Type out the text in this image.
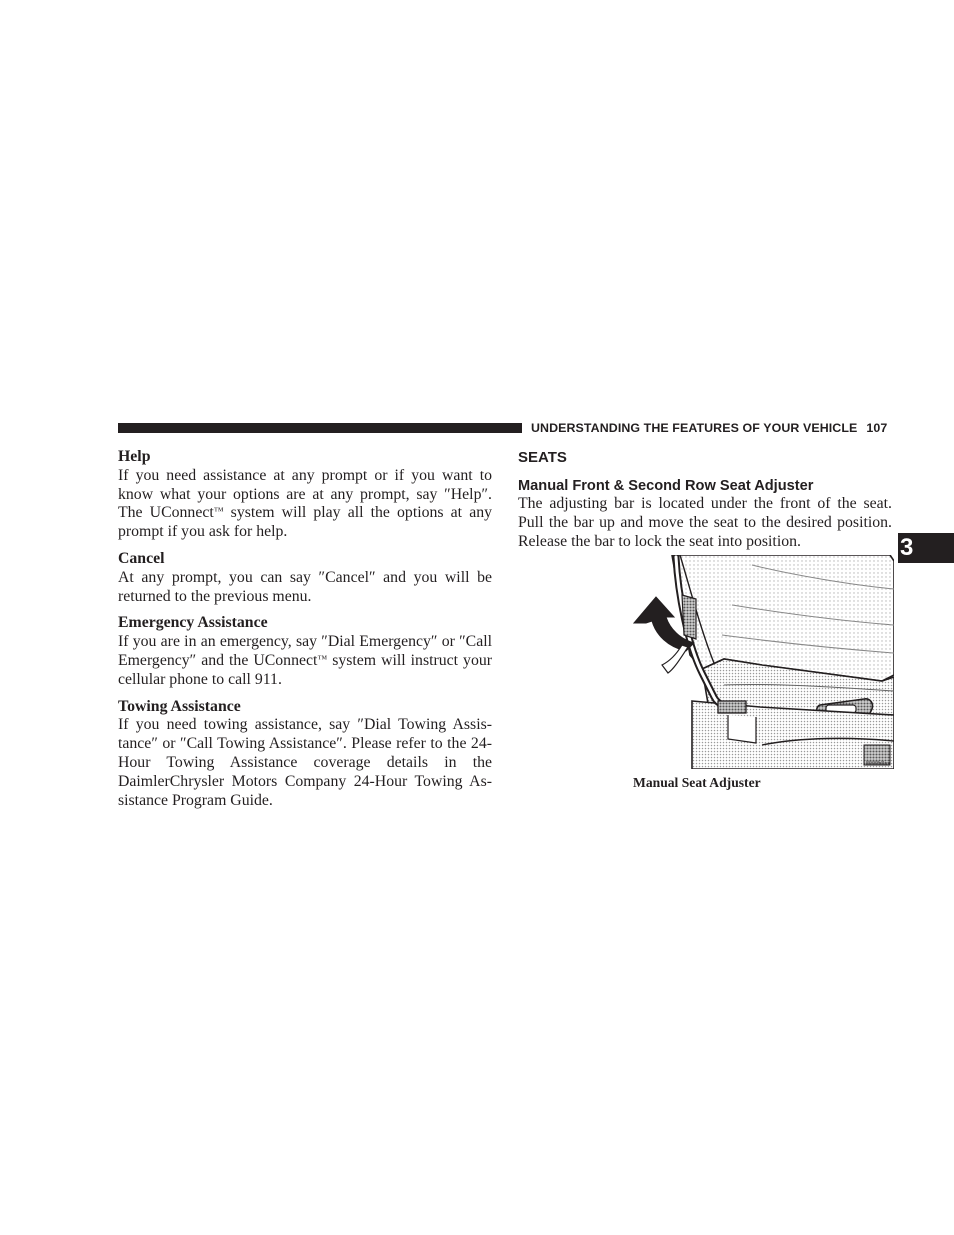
UNDERSTANDING THE FEATURES OF YOUR VEHICLE 107
3

Help

If you need assistance at any prompt or if you want to know what your options are at any prompt, say ″Help″. The UConnect™ system will play all the options at any prompt if you ask for help.

Cancel

At any prompt, you can say ″Cancel″ and you will be returned to the previous menu.

Emergency Assistance

If you are in an emergency, say ″Dial Emergency″ or ″Call Emergency″ and the UConnect™ system will instruct your cellular phone to call 911.

Towing Assistance

If you need towing assistance, say ″Dial Towing Assis-tance″ or ″Call Towing Assistance″. Please refer to the 24-Hour Towing Assistance coverage details in the DaimlerChrysler Motors Company 24-Hour Towing As-sistance Program Guide.

SEATS

Manual Front & Second Row Seat Adjuster

The adjusting bar is located under the front of the seat. Pull the bar up and move the seat to the desired position. Release the bar to lock the seat into position.

8000b8as
Manual Seat Adjuster
